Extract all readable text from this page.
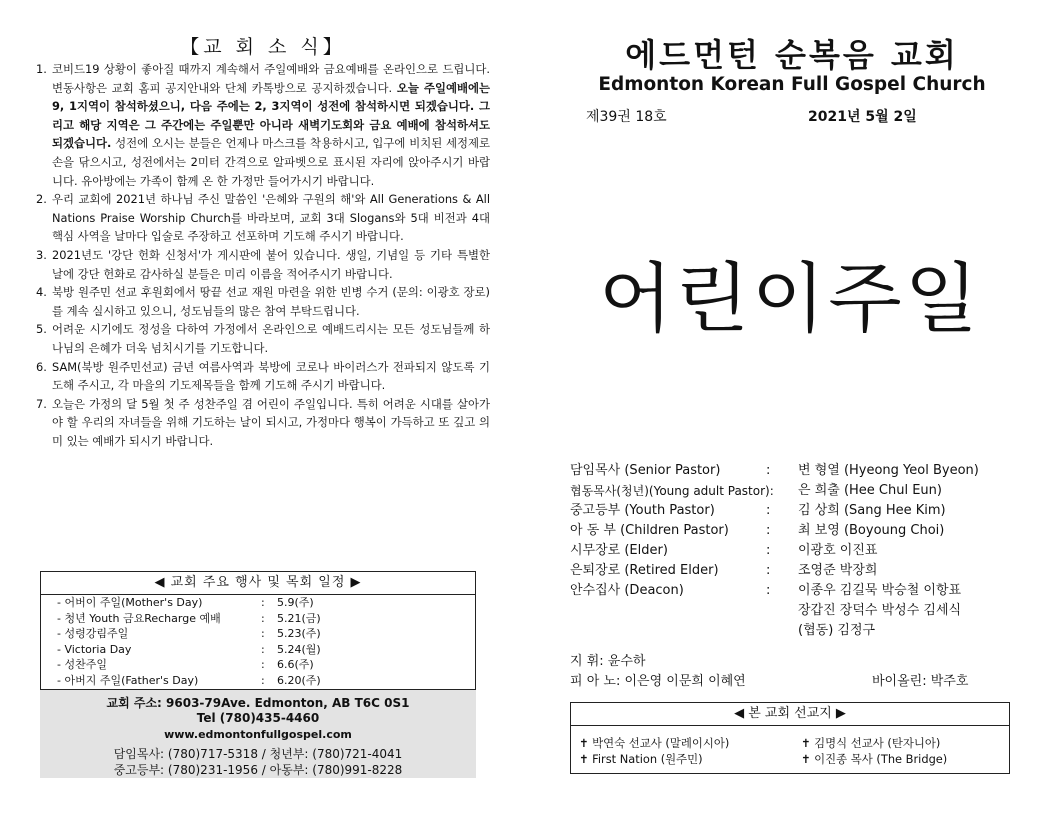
【교 회 소 식】
1. 코비드19 상황이 좋아질 때까지 계속해서 주일예배와 금요예배를 온라인으로 드립니다. 변동사항은 교회 홈피 공지안내와 단체 카톡방으로 공지하겠습니다. 오늘 주일예배에는 9, 1지역이 참석하셨으니, 다음 주에는 2, 3지역이 성전에 참석하시면 되겠습니다. 그리고 해당 지역은 그 주간에는 주일뿐만 아니라 새벽기도회와 금요 예배에 참석하셔도 되겠습니다. 성전에 오시는 분들은 언제나 마스크를 착용하시고, 입구에 비치된 세정제로 손을 닦으시고, 성전에서는 2미터 간격으로 알파벳으로 표시된 자리에 앉아주시기 바랍니다. 유아방에는 가족이 함께 온 한 가정만 들어가시기 바랍니다.
2. 우리 교회에 2021년 하나님 주신 말씀인 '은혜와 구원의 해'와 All Generations & All Nations Praise Worship Church를 바라보며, 교회 3대 Slogans와 5대 비전과 4대 핵심 사역을 날마다 입술로 주장하고 선포하며 기도해 주시기 바랍니다.
3. 2021년도 '강단 헌화 신청서'가 게시판에 붙어 있습니다. 생일, 기념일 등 기타 특별한 날에 강단 헌화로 감사하실 분들은 미리 이름을 적어주시기 바랍니다.
4. 북방 원주민 선교 후원회에서 땅끝 선교 재원 마련을 위한 빈병 수거 (문의: 이광호 장로)를 계속 실시하고 있으니, 성도님들의 많은 참여 부탁드립니다.
5. 어려운 시기에도 정성을 다하여 가정에서 온라인으로 예배드리시는 모든 성도님들께 하나님의 은혜가 더욱 넘치시기를 기도합니다.
6. SAM(북방 원주민선교) 금년 여름사역과 북방에 코로나 바이러스가 전파되지 않도록 기도해 주시고, 각 마을의 기도제목들을 함께 기도해 주시기 바랍니다.
7. 오늘은 가정의 달 5월 첫 주 성찬주일 겸 어린이 주일입니다. 특히 어려운 시대를 살아가야 할 우리의 자녀들을 위해 기도하는 날이 되시고, 가정마다 행복이 가득하고 또 깊고 의미 있는 예배가 되시기 바랍니다.
◀ 교회 주요 행사 및 목회 일정 ▶
- 어버이 주일(Mother's Day)	: 5.9(주)
- 청년 Youth 금요Recharge 예배	: 5.21(금)
- 성령강림주일	: 5.23(주)
- Victoria Day	: 5.24(월)
- 성찬주일	: 6.6(주)
- 아버지 주일(Father's Day)	: 6.20(주)
교회 주소: 9603-79Ave. Edmonton, AB T6C 0S1
Tel (780)435-4460
www.edmontonfullgospel.com
담임목사: (780)717-5318 / 청년부: (780)721-4041
중고등부: (780)231-1956 / 아동부: (780)991-8228
에드먼턴 순복음 교회
Edmonton Korean Full Gospel Church
제39권 18호	2021년 5월 2일
어린이주일
담임목사 (Senior Pastor)	: 변 형열 (Hyeong Yeol Byeon)
협동목사(청년)(Young adult Pastor): 은 희출 (Hee Chul Eun)
중고등부 (Youth Pastor)	: 김 상희 (Sang Hee Kim)
아 동 부 (Children Pastor)	: 최 보영 (Boyoung Choi)
시무장로 (Elder)	: 이광호 이진표
은퇴장로 (Retired Elder)	: 조영준 박장희
안수집사 (Deacon)	: 이종우 김길묵 박승철 이항표
장갑진 장덕수 박성수 김세식
(협동) 김정구
지 휘: 윤수하
피 아 노: 이은영 이문희 이혜연	바이올린: 박주호
◀ 본 교회 선교지 ▶
✝ 박연숙 선교사 (말레이시아)	✝ 김명식 선교사 (탄자니아)
✝ First Nation (원주민)	✝ 이진종 목사 (The Bridge)
